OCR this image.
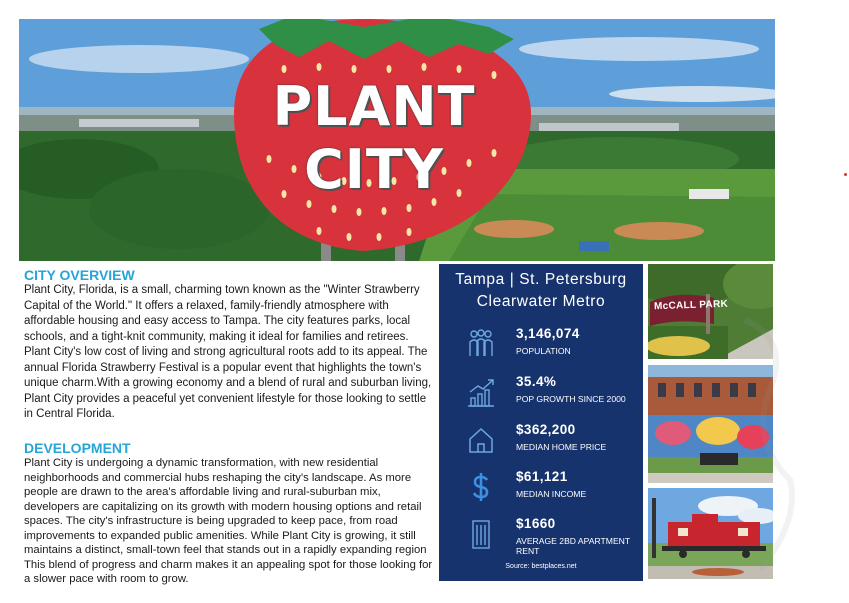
PLANT CITY
CITY OVERVIEW
Plant City, Florida, is a small, charming town known as the "Winter Strawberry
Capital of the World." It offers a relaxed, family-friendly atmosphere with
affordable housing and easy access to Tampa. The city features parks, local
schools, and a tight-knit community, making it ideal for families and retirees.
Plant City's low cost of living and strong agricultural roots add to its appeal. The
annual Florida Strawberry Festival is a popular event that highlights the town's
unique charm.With a growing economy and a blend of rural and suburban living,
Plant City provides a peaceful yet convenient lifestyle for those looking to settle
in Central Florida.
DEVELOPMENT
Plant City is undergoing a dynamic transformation, with new residential
neighborhoods and commercial hubs reshaping the city's landscape. As more
people are drawn to the area's affordable living and rural-suburban mix,
developers are capitalizing on its growth with modern housing options and retail
spaces. The city's infrastructure is being upgraded to keep pace, from road
improvements to expanded public amenities. While Plant City is growing, it still
maintains a distinct, small-town feel that stands out in a rapidly expanding region
This blend of progress and charm makes it an appealing spot for those looking for
a slower pace with room to grow.
Tampa | St. Petersburg
Clearwater Metro
3,146,074
POPULATION
35.4%
POP GROWTH SINCE 2000
$362,200
MEDIAN HOME PRICE
$61,121
MEDIAN INCOME
$1660
AVERAGE 2BD APARTMENT RENT
Source: bestplaces.net
McCALL PARK
